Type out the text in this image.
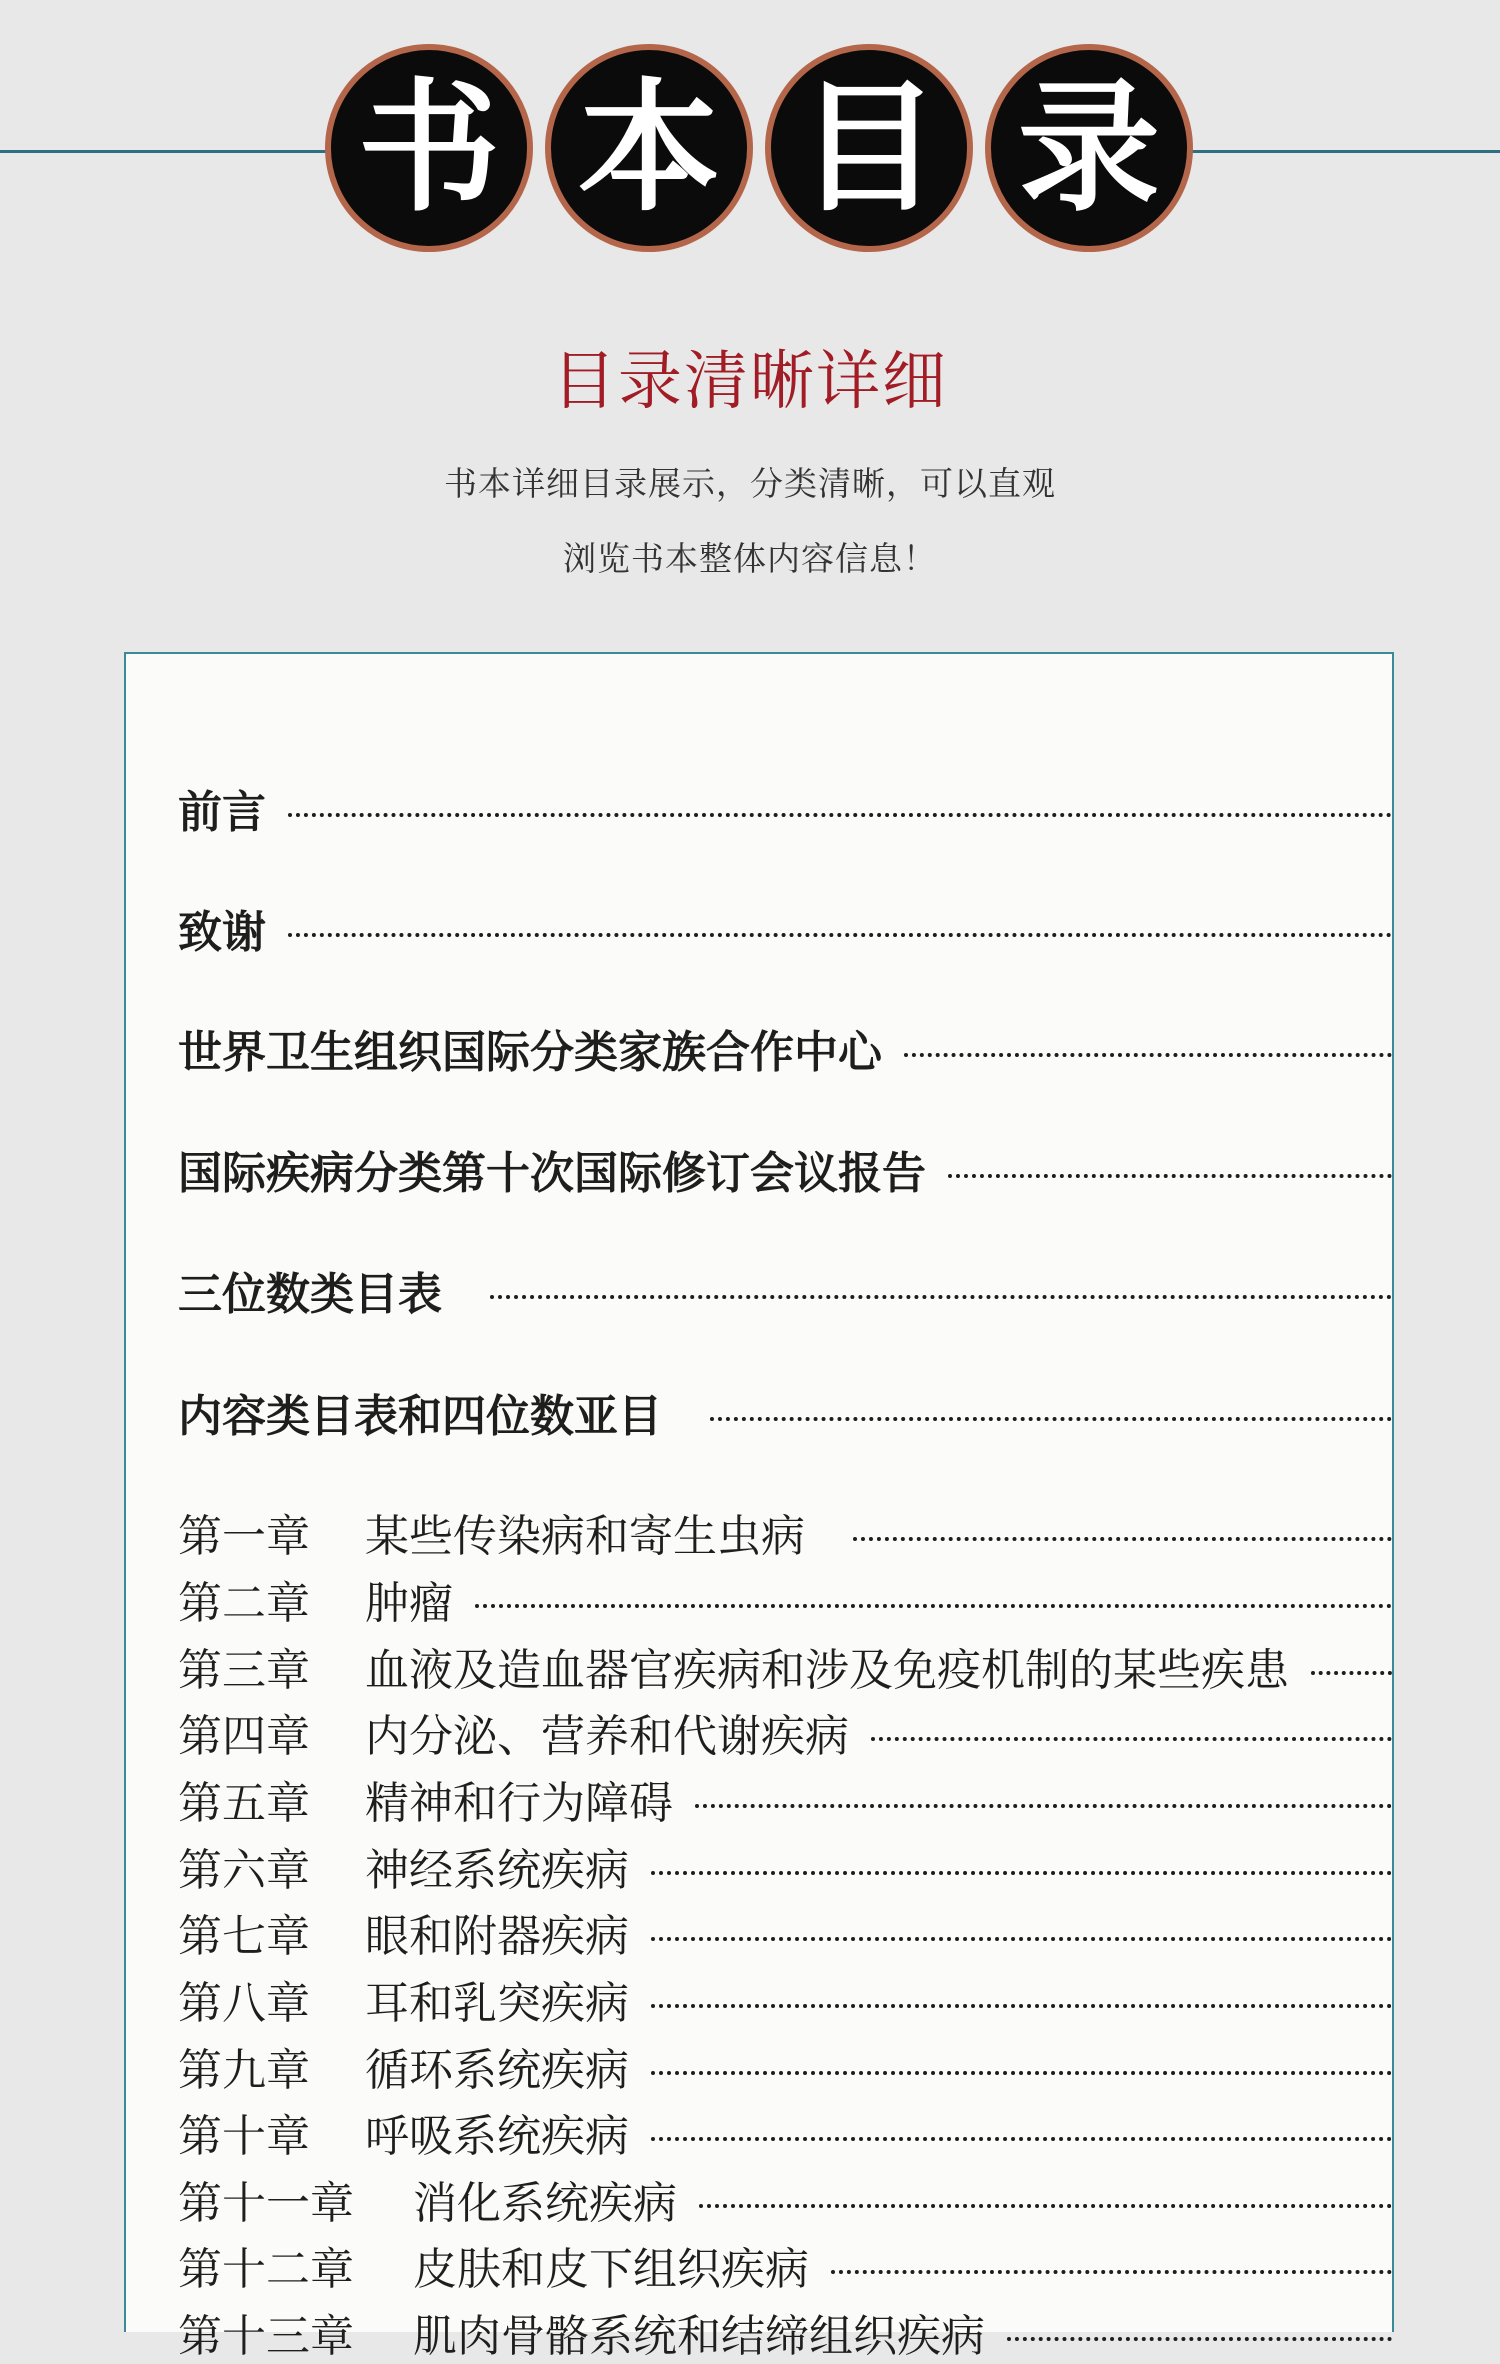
书 本 目 录
目录清晰详细
书本详细目录展示，分类清晰，可以直观
浏览书本整体内容信息！

前言
致谢
世界卫生组织国际分类家族合作中心
国际疾病分类第十次国际修订会议报告
三位数类目表
内容类目表和四位数亚目
第一章	某些传染病和寄生虫病
第二章	肿瘤
第三章	血液及造血器官疾病和涉及免疫机制的某些疾患
第四章	内分泌、营养和代谢疾病
第五章	精神和行为障碍
第六章	神经系统疾病
第七章	眼和附器疾病
第八章	耳和乳突疾病
第九章	循环系统疾病
第十章	呼吸系统疾病
第十一章	消化系统疾病
第十二章	皮肤和皮下组织疾病
第十三章	肌肉骨骼系统和结缔组织疾病
